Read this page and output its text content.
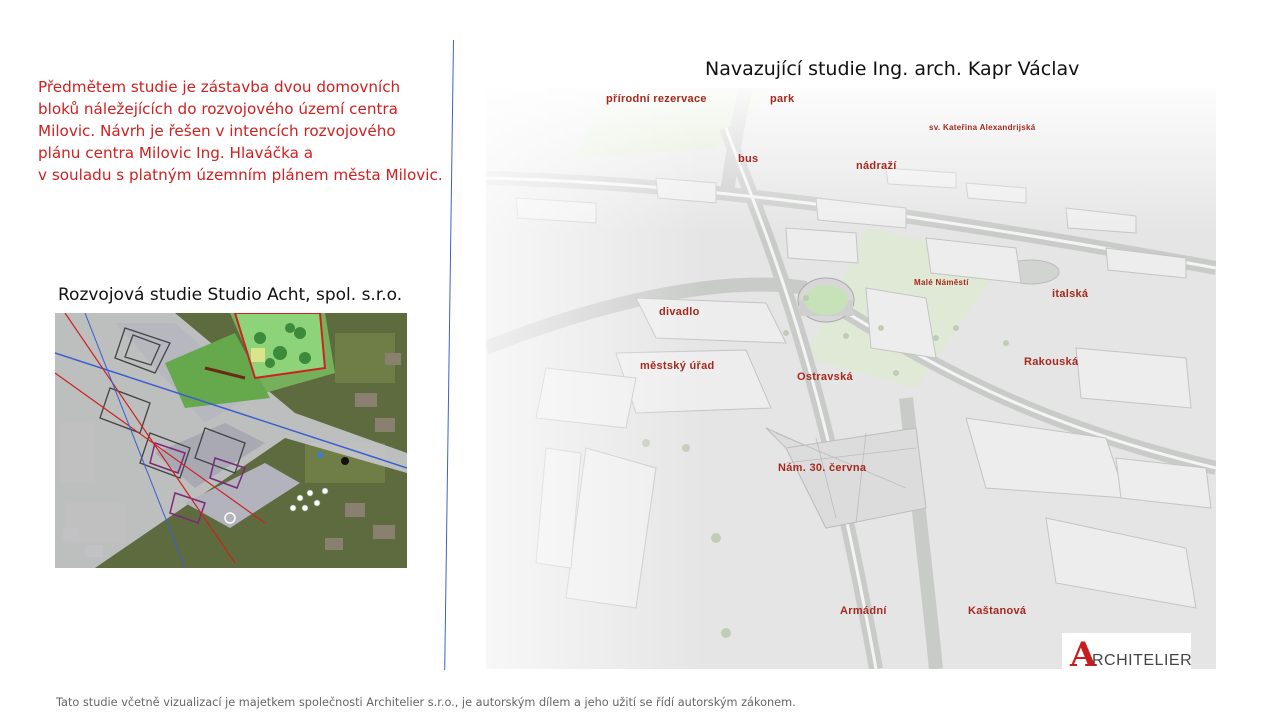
Předmětem studie je zástavba dvou domovních
bloků náležejících do rozvojového území centra
Milovic. Návrh je řešen v intencích rozvojového
plánu centra Milovic Ing. Hlaváčka a
v souladu s platným územním plánem města Milovic.
Rozvojová studie Studio Acht, spol. s.r.o.
Navazující studie Ing. arch. Kapr Václav
přírodní rezervace	park
sv. Kateřina Alexandrijská
bus
nádraží
Malé Náměstí
italská
divadlo
městský úřad	Rakouská
Ostravská
Nám. 30. června
Armádní	Kaštanová
A
RCHITELIER
Tato studie včetně vizualizací je majetkem společnosti Architelier s.r.o., je autorským dílem a jeho užití se řídí autorským zákonem.
